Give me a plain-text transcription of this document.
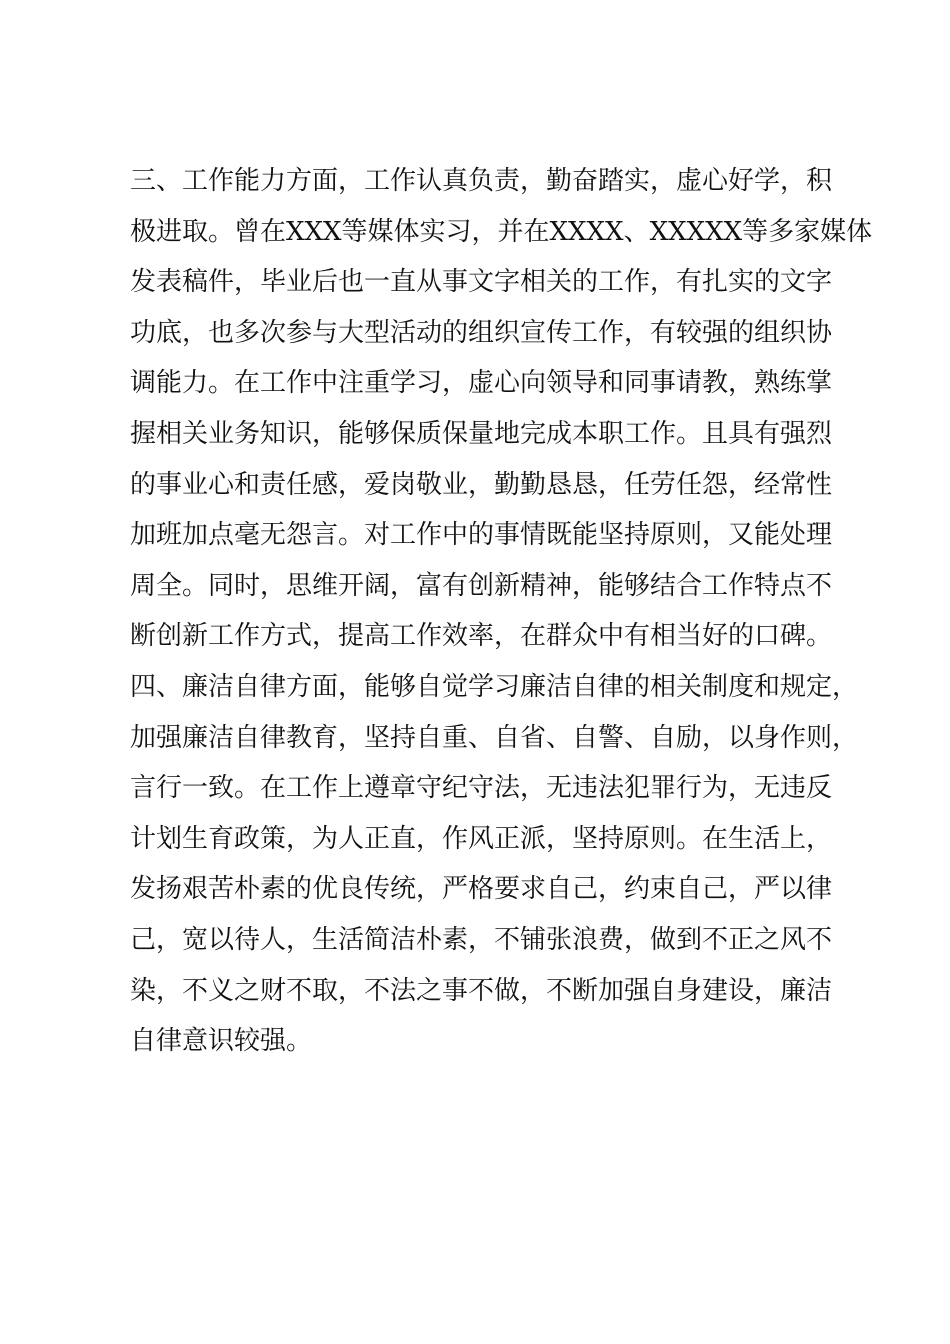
三、工作能力方面，工作认真负责，勤奋踏实，虚心好学，积
极进取。曾在XXX等媒体实习，并在XXXX、XXXXX等多家媒体
发表稿件，毕业后也一直从事文字相关的工作，有扎实的文字
功底，也多次参与大型活动的组织宣传工作，有较强的组织协
调能力。在工作中注重学习，虚心向领导和同事请教，熟练掌
握相关业务知识，能够保质保量地完成本职工作。且具有强烈
的事业心和责任感，爱岗敬业，勤勤恳恳，任劳任怨，经常性
加班加点毫无怨言。对工作中的事情既能坚持原则，又能处理
周全。同时，思维开阔，富有创新精神，能够结合工作特点不
断创新工作方式，提高工作效率，在群众中有相当好的口碑。
四、廉洁自律方面，能够自觉学习廉洁自律的相关制度和规定，
加强廉洁自律教育，坚持自重、自省、自警、自励，以身作则，
言行一致。在工作上遵章守纪守法，无违法犯罪行为，无违反
计划生育政策，为人正直，作风正派，坚持原则。在生活上，
发扬艰苦朴素的优良传统，严格要求自己，约束自己，严以律
己，宽以待人，生活简洁朴素，不铺张浪费，做到不正之风不
染，不义之财不取，不法之事不做，不断加强自身建设，廉洁
自律意识较强。
